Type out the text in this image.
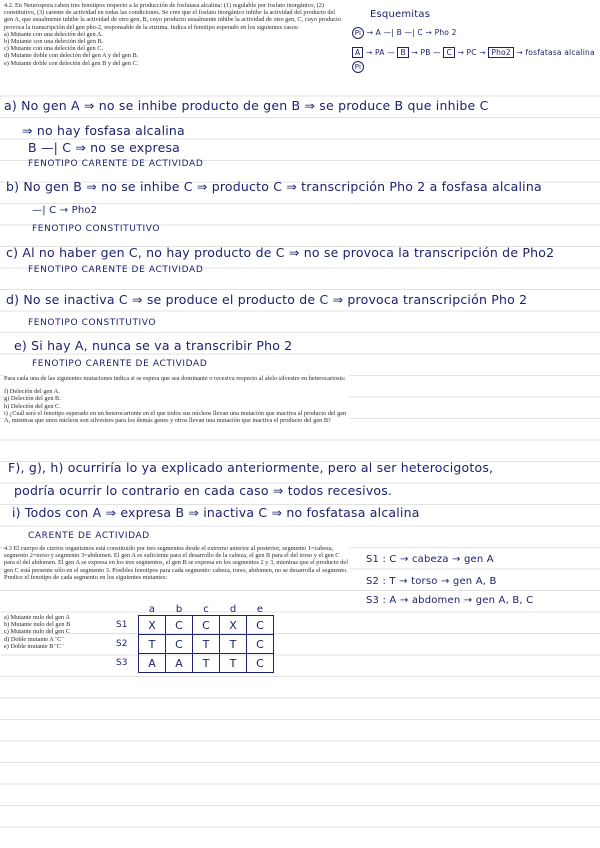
4.2. En Neurospora caben tres fenotipos respecto a la producción de fosfatasa alcalina: (1) regulable por fosfato inorgánico, (2) constitutivo, (3) carente de actividad en todas las condiciones. Se cree que el fosfato inorgánico inhibe la actividad del producto del gen A, que usualmente inhibe la actividad de otro gen, B, cuyo producto usualmente inhibe la actividad de otro gen, C, cuyo producto provoca la transcripción del gen pho-2, responsable de la enzima. Indica el fenotipo esperado en los siguientes casos:
a) Mutante con una deleción del gen A.
b) Mutante con una deleción del gen B.
c) Mutante con una deleción del gen C.
d) Mutante doble con deleción del gen A y del gen B.
e) Mutante doble con deleción del gen B y del gen C.
Esquemitas
Pi → A —| B —| C → Pho 2
A → PA — B → PB — C → PC → Pho2 → fosfatasa alcalina
Pi
a) No gen A ⇒ no se inhibe producto de gen B ⇒ se produce B que inhibe C
⇒ no hay fosfasa alcalina
B —| C ⇒ no se expresa
FENOTIPO CARENTE DE ACTIVIDAD
b) No gen B ⇒ no se inhibe C ⇒ producto C ⇒ transcripción Pho 2 a fosfasa alcalina
—| C → Pho2
FENOTIPO CONSTITUTIVO
c) Al no haber gen C, no hay producto de C ⇒ no se provoca la transcripción de Pho2
FENOTIPO CARENTE DE ACTIVIDAD
d) No se inactiva C ⇒ se produce el producto de C ⇒ provoca transcripción Pho 2
FENOTIPO CONSTITUTIVO
e) Si hay A, nunca se va a transcribir Pho 2
FENOTIPO CARENTE DE ACTIVIDAD
Para cada una de las siguientes mutaciones indica si se espera que sea dominante o recesiva respecto al alelo silvestre en heterocariosis:
f) Deleción del gen A.
g) Deleción del gen B.
h) Deleción del gen C.
i) ¿Cuál será el fenotipo esperado en un heterocarionte en el que todos sus núcleos llevan una mutación que inactiva al producto del gen A, mientras que unos núcleos son silvestres para los demás genes y otros llevan una mutación que inactiva el producto del gen B?
F), g), h) ocurriría lo ya explicado anteriormente, pero al ser heterocigotos,
podría ocurrir lo contrario en cada caso ⇒ todos recesivos.
i) Todos con A ⇒ expresa B ⇒ inactiva C ⇒ no fosfatasa alcalina
CARENTE DE ACTIVIDAD
4.3 El cuerpo de ciertos organismos está constituido por tres segmentos desde el extremo anterior al posterior, segmento 1=cabeza, segmento 2=torso y segmento 3=abdomen. El gen A es suficiente para el desarrollo de la cabeza, el gen B para el del torso y el gen C para el del abdomen. El gen A se expresa en los tres segmentos, el gen B se expresa en los segmentos 2 y 3, mientras que el producto del gen C está presente sólo en el segmento 3. Posibles fenotipos para cada segmento: cabeza, torso, abdomen, no se desarrolla el segmento. Predice el fenotipo de cada segmento en los siguientes mutantes:
a) Mutante nulo del gen A
b) Mutante nulo del gen B
c) Mutante nulo del gen C
d) Doble mutante A⁻C⁻
e) Doble mutante B⁻C⁻
S1 : C → cabeza → gen A
S2 : T → torso → gen A, B
S3 : A → abdomen → gen A, B, C
	a	b	c	d	e
S1	X	C	C	X	C
S2	T	C	T	T	C
S3	A	A	T	T	C
